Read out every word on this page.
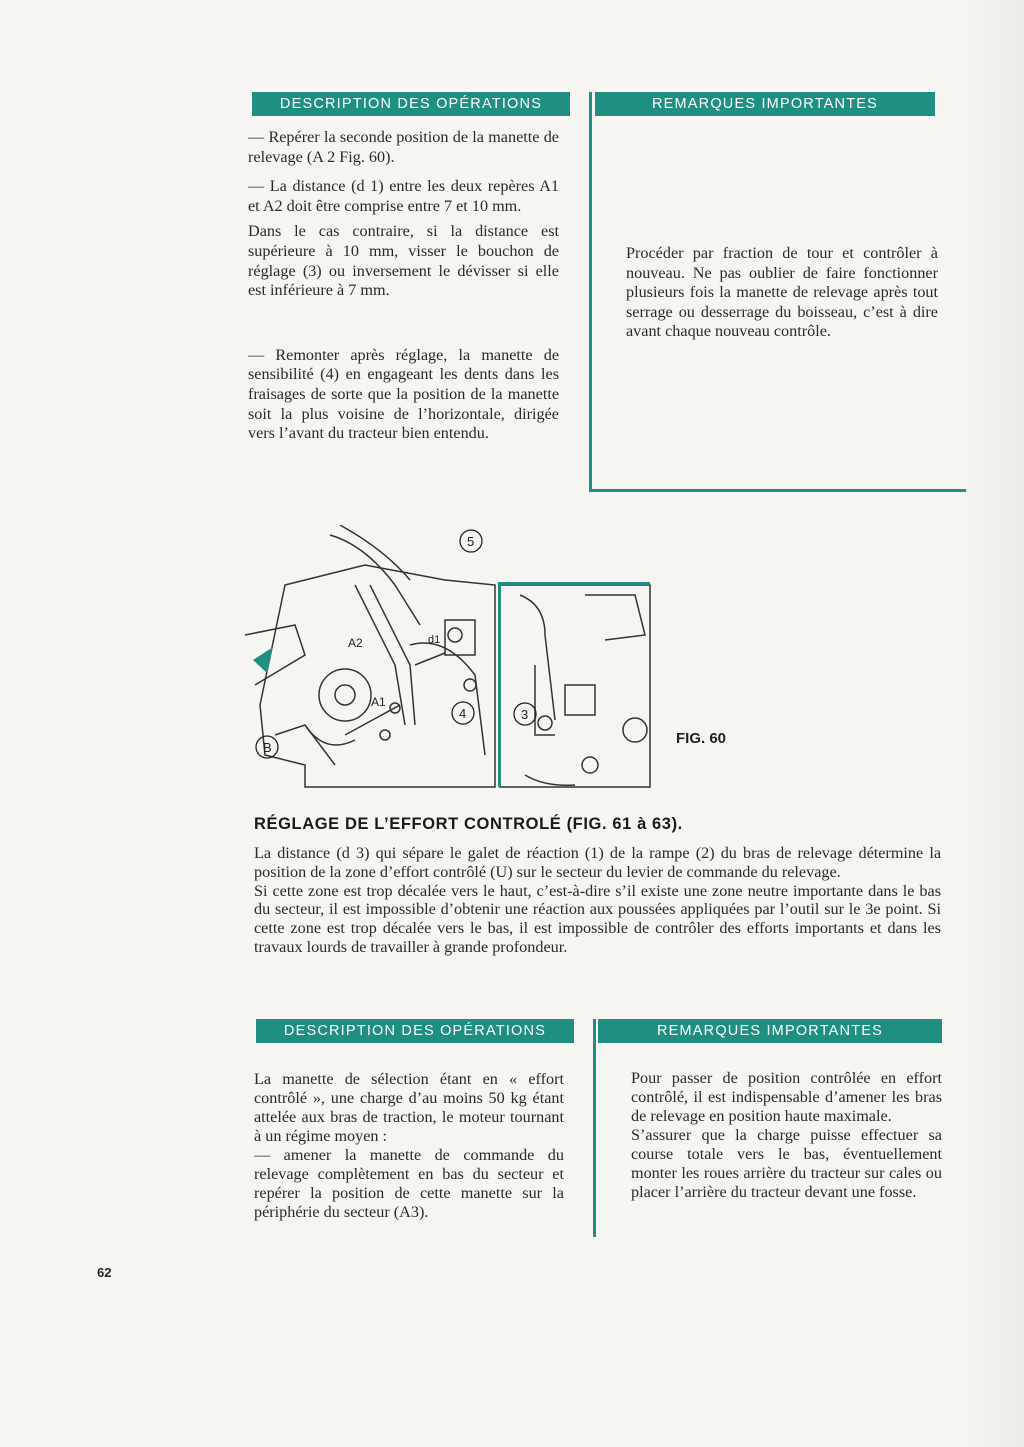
DESCRIPTION DES OPÉRATIONS	REMARQUES IMPORTANTES

— Repérer la seconde position de la manette de relevage (A 2 Fig. 60).

— La distance (d 1) entre les deux repères A1 et A2 doit être comprise entre 7 et 10 mm.

Dans le cas contraire, si la distance est supérieure à 10 mm, visser le bouchon de réglage (3) ou inversement le dévisser si elle est inférieure à 7 mm.

— Remonter après réglage, la manette de sensibilité (4) en engageant les dents dans les fraisages de sorte que la position de la manette soit la plus voisine de l’horizontale, dirigée vers l’avant du tracteur bien entendu.

Procéder par fraction de tour et contrôler à nouveau. Ne pas oublier de faire fonctionner plusieurs fois la manette de relevage après tout serrage ou desserrage du boisseau, c’est à dire avant chaque nouveau contrôle.

5
4	3
B
A2
A1
d1
FIG. 60
RÉGLAGE DE L’EFFORT CONTROLÉ (FIG. 61 à 63).

La distance (d 3) qui sépare le galet de réaction (1) de la rampe (2) du bras de relevage détermine la position de la zone d’effort contrôlé (U) sur le secteur du levier de commande du relevage.

Si cette zone est trop décalée vers le haut, c’est-à-dire s’il existe une zone neutre importante dans le bas du secteur, il est impossible d’obtenir une réaction aux poussées appliquées par l’outil sur le 3e point. Si cette zone est trop décalée vers le bas, il est impossible de contrôler des efforts importants et dans les travaux lourds de travailler à grande profondeur.

DESCRIPTION DES OPÉRATIONS	REMARQUES IMPORTANTES

La manette de sélection étant en « effort contrôlé », une charge d’au moins 50 kg étant attelée aux bras de traction, le moteur tournant à un régime moyen :

— amener la manette de commande du relevage complètement en bas du secteur et repérer la position de cette manette sur la périphérie du secteur (A3).

Pour passer de position contrôlée en effort contrôlé, il est indispensable d’amener les bras de relevage en position haute maximale.

S’assurer que la charge puisse effectuer sa course totale vers le bas, éventuellement monter les roues arrière du tracteur sur cales ou placer l’arrière du tracteur devant une fosse.

62
